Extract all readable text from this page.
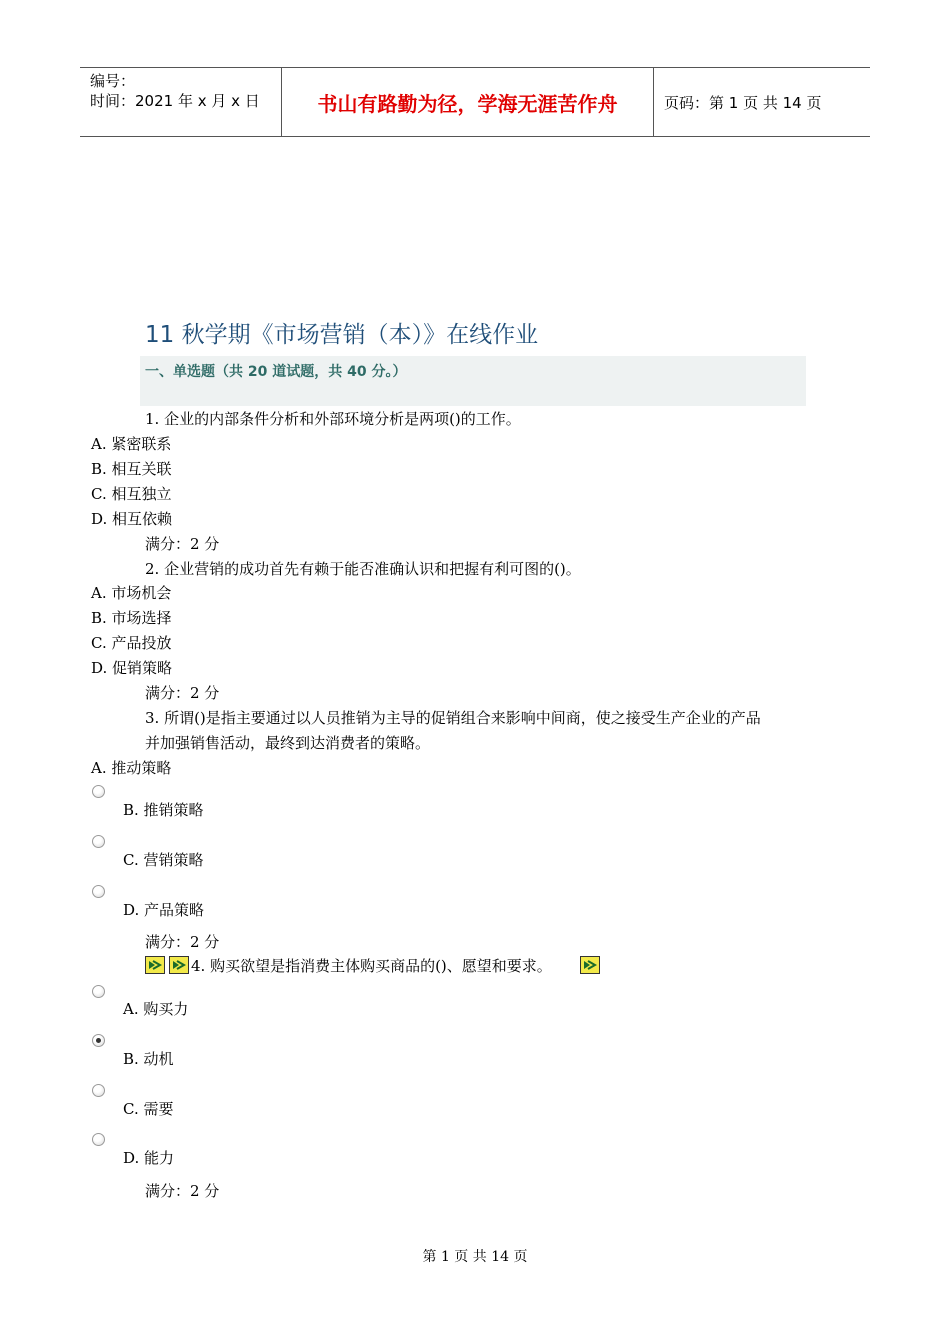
编号：
时间：2021 年 x 月 x 日	书山有路勤为径，学海无涯苦作舟	页码：第 1 页 共 14 页
11 秋学期《市场营销（本）》在线作业
一、单选题（共 20 道试题，共 40 分。）
1. 企业的内部条件分析和外部环境分析是两项()的工作。
A. 紧密联系
B. 相互关联
C. 相互独立
D. 相互依赖
满分：2 分
2. 企业营销的成功首先有赖于能否准确认识和把握有利可图的()。
A. 市场机会
B. 市场选择
C. 产品投放
D. 促销策略
满分：2 分
3. 所谓()是指主要通过以人员推销为主导的促销组合来影响中间商，使之接受生产企业的产品
并加强销售活动，最终到达消费者的策略。
A. 推动策略
B. 推销策略
C. 营销策略
D. 产品策略
满分：2 分
4. 购买欲望是指消费主体购买商品的()、愿望和要求。
A. 购买力
B. 动机
C. 需要
D. 能力
满分：2 分
第 1 页 共 14 页
